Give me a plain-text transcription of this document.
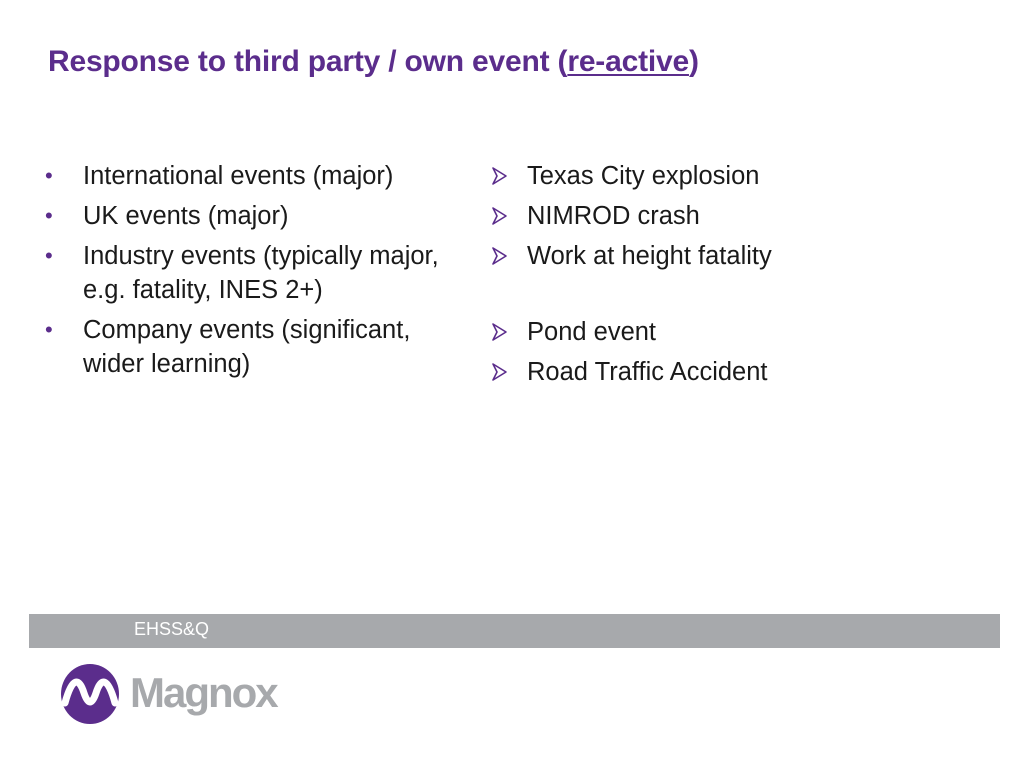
Response to third party / own event (re-active)
• International events (major)
• UK events (major)
• Industry events (typically major, e.g. fatality, INES 2+)
• Company events (significant, wider learning)
Texas City explosion
NIMROD crash
Work at height fatality
Pond event
Road Traffic Accident
EHSS&Q
Magnox
